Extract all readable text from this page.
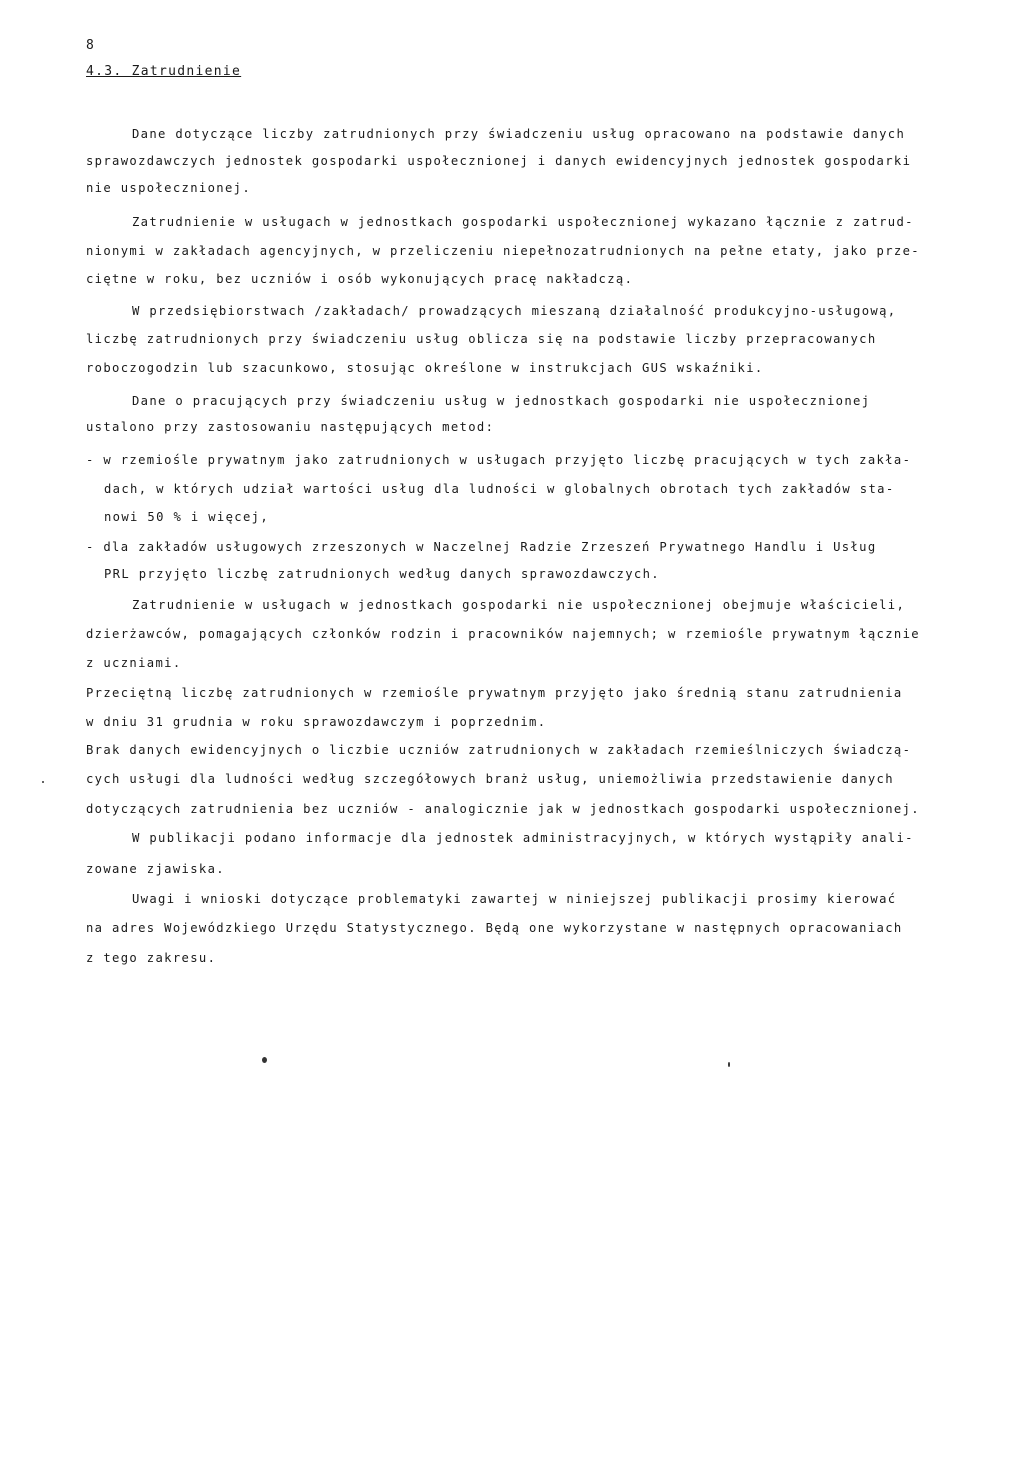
8
4.3. Zatrudnienie
Dane dotyczące liczby zatrudnionych przy świadczeniu usług opracowano na podstawie danych
sprawozdawczych jednostek gospodarki uspołecznionej i danych ewidencyjnych jednostek gospodarki
nie uspołecznionej.
Zatrudnienie w usługach w jednostkach gospodarki uspołecznionej wykazano łącznie z zatrud-
nionymi w zakładach agencyjnych, w przeliczeniu niepełnozatrudnionych na pełne etaty, jako prze-
ciętne w roku, bez uczniów i osób wykonujących pracę nakładczą.
W przedsiębiorstwach /zakładach/ prowadzących mieszaną działalność produkcyjno-usługową,
liczbę zatrudnionych przy świadczeniu usług oblicza się na podstawie liczby przepracowanych
roboczogodzin lub szacunkowo, stosując określone w instrukcjach GUS wskaźniki.
Dane o pracujących przy świadczeniu usług w jednostkach gospodarki nie uspołecznionej
ustalono przy zastosowaniu następujących metod:
- w rzemiośle prywatnym jako zatrudnionych w usługach przyjęto liczbę pracujących w tych zakła-
dach, w których udział wartości usług dla ludności w globalnych obrotach tych zakładów sta-
nowi 50 % i więcej,
- dla zakładów usługowych zrzeszonych w Naczelnej Radzie Zrzeszeń Prywatnego Handlu i Usług
PRL przyjęto liczbę zatrudnionych według danych sprawozdawczych.
Zatrudnienie w usługach w jednostkach gospodarki nie uspołecznionej obejmuje właścicieli,
dzierżawców, pomagających członków rodzin i pracowników najemnych; w rzemiośle prywatnym łącznie
z uczniami.
Przeciętną liczbę zatrudnionych w rzemiośle prywatnym przyjęto jako średnią stanu zatrudnienia
w dniu 31 grudnia w roku sprawozdawczym i poprzednim.
Brak danych ewidencyjnych o liczbie uczniów zatrudnionych w zakładach rzemieślniczych świadczą-
cych usługi dla ludności według szczegółowych branż usług, uniemożliwia przedstawienie danych
dotyczących zatrudnienia bez uczniów - analogicznie jak w jednostkach gospodarki uspołecznionej.
W publikacji podano informacje dla jednostek administracyjnych, w których wystąpiły anali-
zowane zjawiska.
Uwagi i wnioski dotyczące problematyki zawartej w niniejszej publikacji prosimy kierować
na adres Wojewódzkiego Urzędu Statystycznego. Będą one wykorzystane w następnych opracowaniach
z tego zakresu.
